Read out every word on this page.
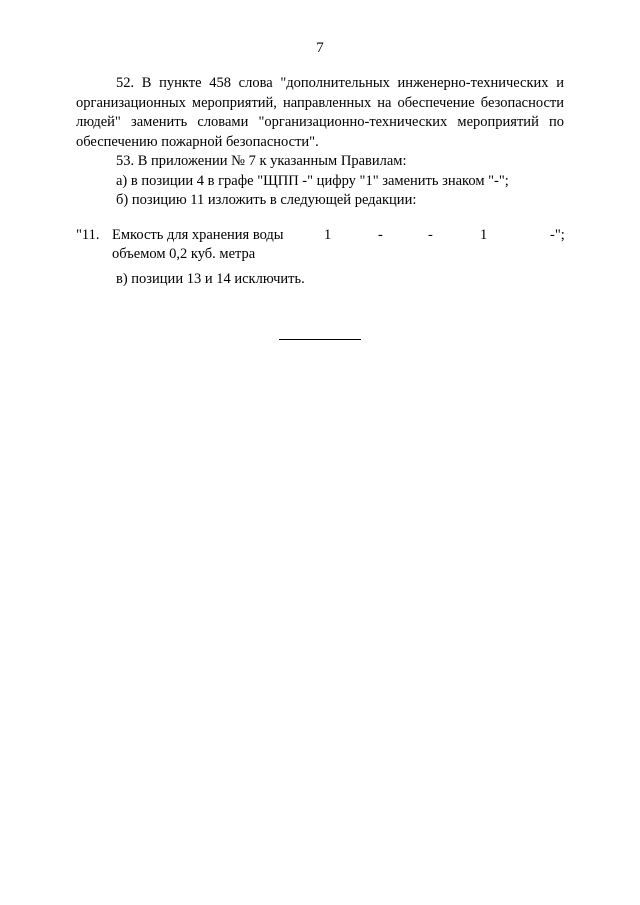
7

52. В пункте 458 слова "дополнительных инженерно-технических и организационных мероприятий, направленных на обеспечение безопасности людей" заменить словами "организационно-технических мероприятий по обеспечению пожарной безопасности".

53. В приложении № 7 к указанным Правилам:

а) в позиции 4 в графе "ЩПП -" цифру "1" заменить знаком "-";

б) позицию 11 изложить в следующей редакции:

"11. Емкость для хранения воды	1	-	-	1	-";
объемом 0,2 куб. метра
в) позиции 13 и 14 исключить.
